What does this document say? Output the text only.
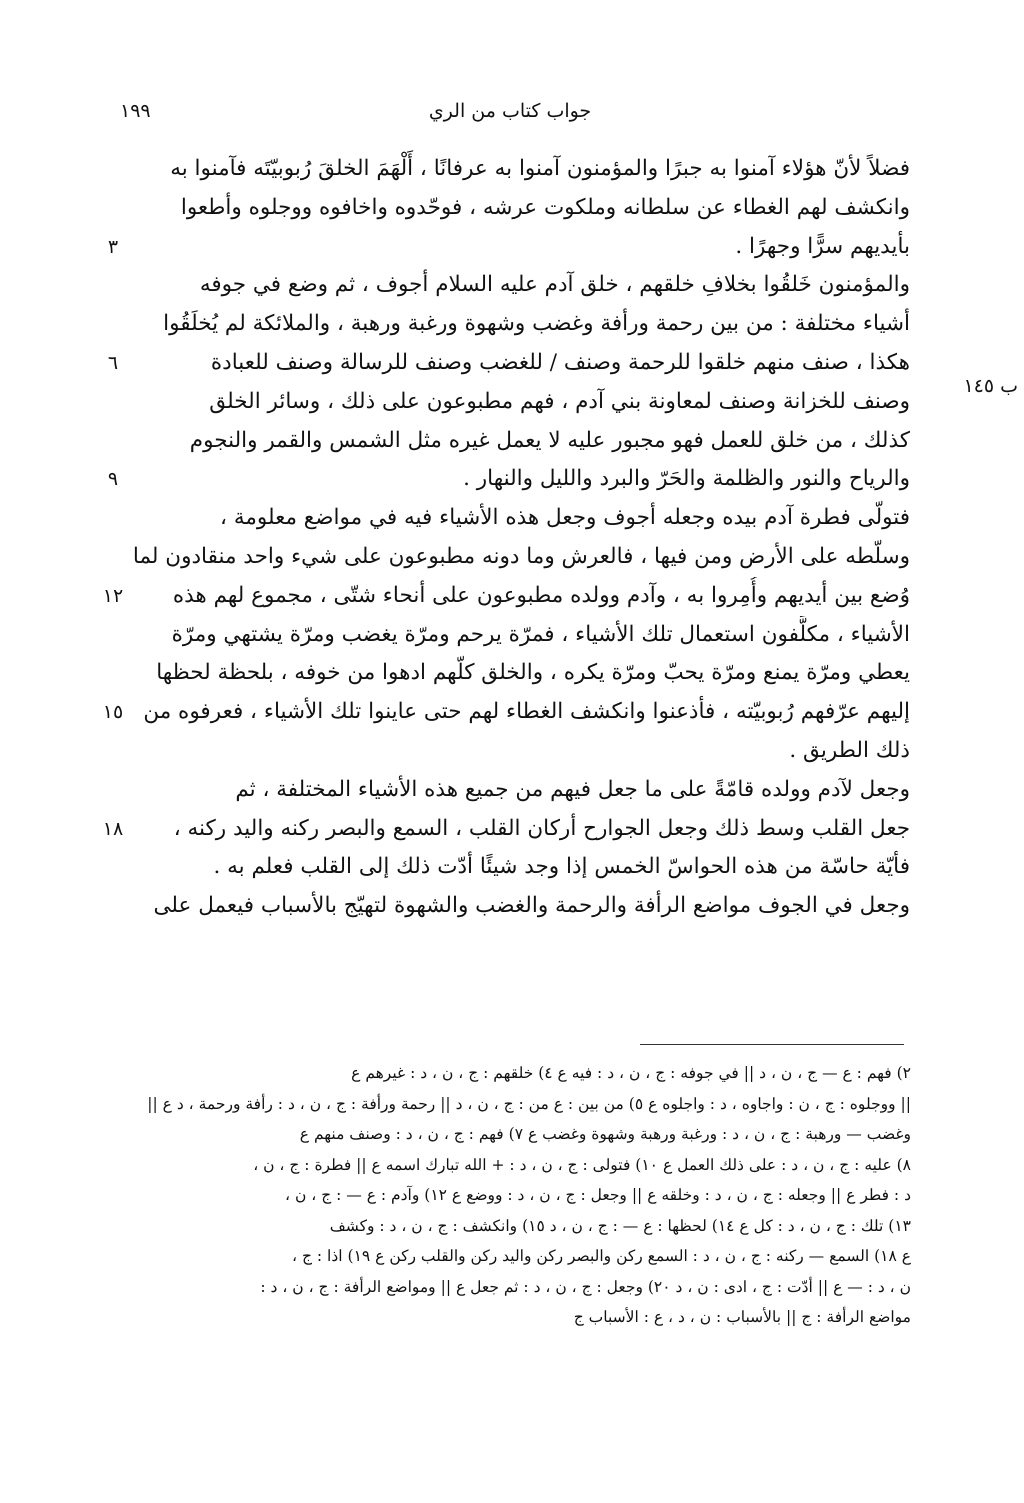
جواب كتاب من الري
١٩٩
ب ١٤٥
٣
٦
٩
١٢
١٥
١٨
فضلاً لأنّ هؤلاء آمنوا به جبرًا والمؤمنون آمنوا به عرفانًا ، أَلْهَمَ الخلقَ رُبوبيّتَه فآمنوا به
وانكشف لهم الغطاء عن سلطانه وملكوت عرشه ، فوحّدوه واخافوه ووجلوه وأطعوا
بأيديهم سرًّا وجهرًا .
والمؤمنون خَلقُوا بخلافِ خلقهم ، خلق آدم عليه السلام أجوف ، ثم وضع في جوفه
أشياء مختلفة : من بين رحمة ورأفة وغضب وشهوة ورغبة ورهبة ، والملائكة لم يُخلَقُوا
هكذا ، صنف منهم خلقوا للرحمة وصنف / للغضب وصنف للرسالة وصنف للعبادة
وصنف للخزانة وصنف لمعاونة بني آدم ، فهم مطبوعون على ذلك ، وسائر الخلق
كذلك ، من خلق للعمل فهو مجبور عليه لا يعمل غيره مثل الشمس والقمر والنجوم
والرياح والنور والظلمة والحَرّ والبرد والليل والنهار .
فتولّى فطرة آدم بيده وجعله أجوف وجعل هذه الأشياء فيه في مواضع معلومة ،
وسلّطه على الأرض ومن فيها ، فالعرش وما دونه مطبوعون على شيء واحد منقادون لما
وُضع بين أيديهم وأُمِروا به ، وآدم وولده مطبوعون على أنحاء شتّى ، مجموع لهم هذه
الأشياء ، مكلَّفون استعمال تلك الأشياء ، فمرّة يرحم ومرّة يغضب ومرّة يشتهي ومرّة
يعطي ومرّة يمنع ومرّة يحبّ ومرّة يكره ، والخلق كلّهم ادهوا من خوفه ، بلحظة لحظها
إليهم عرّفهم رُبوبيّته ، فأذعنوا وانكشف الغطاء لهم حتى عاينوا تلك الأشياء ، فعرفوه من
ذلك الطريق .
وجعل لآدم وولده قامّةً على ما جعل فيهم من جميع هذه الأشياء المختلفة ، ثم
جعل القلب وسط ذلك وجعل الجوارح أركان القلب ، السمع والبصر ركنه واليد ركنه ،
فأيّة حاسّة من هذه الحواسّ الخمس إذا وجد شيئًا أدّت ذلك إلى القلب فعلم به .
وجعل في الجوف مواضع الرأفة والرحمة والغضب والشهوة لتهيّج بالأسباب فيعمل على
٢) فهم : ع — ج ، ن ، د || في جوفه : ج ، ن ، د : فيه ع ٤) خلقهم : ج ، ن ، د : غيرهم ع
|| ووجلوه : ج ، ن : واجاوه ، د : واجلوه ع ٥) من بين : ع من : ج ، ن ، د || رحمة ورأفة : ج ، ن ، د : رأفة ورحمة ، د ع ||
وغضب — ورهبة : ج ، ن ، د : ورغبة ورهبة وشهوة وغضب ع ٧) فهم : ج ، ن ، د : وصنف منهم ع
٨) عليه : ج ، ن ، د : على ذلك العمل ع ١٠) فتولى : ج ، ن ، د : + الله تبارك اسمه ع || فطرة : ج ، ن ،
د : فطر ع || وجعله : ج ، ن ، د : وخلقه ع || وجعل : ج ، ن ، د : ووضع ع ١٢) وآدم : ع — : ج ، ن ،
١٣) تلك : ج ، ن ، د : كل ع ١٤) لحظها : ع — : ج ، ن ، د ١٥) وانكشف : ج ، ن ، د : وكشف
ع ١٨) السمع — ركنه : ج ، ن ، د : السمع ركن والبصر ركن واليد ركن والقلب ركن ع ١٩) اذا : ج ،
ن ، د : — ع || أدّت : ج ، ادى : ن ، د ٢٠) وجعل : ج ، ن ، د : ثم جعل ع || ومواضع الرأفة : ج ، ن ، د :
مواضع الرأفة : ج || بالأسباب : ن ، د ، ع : الأسباب ج
